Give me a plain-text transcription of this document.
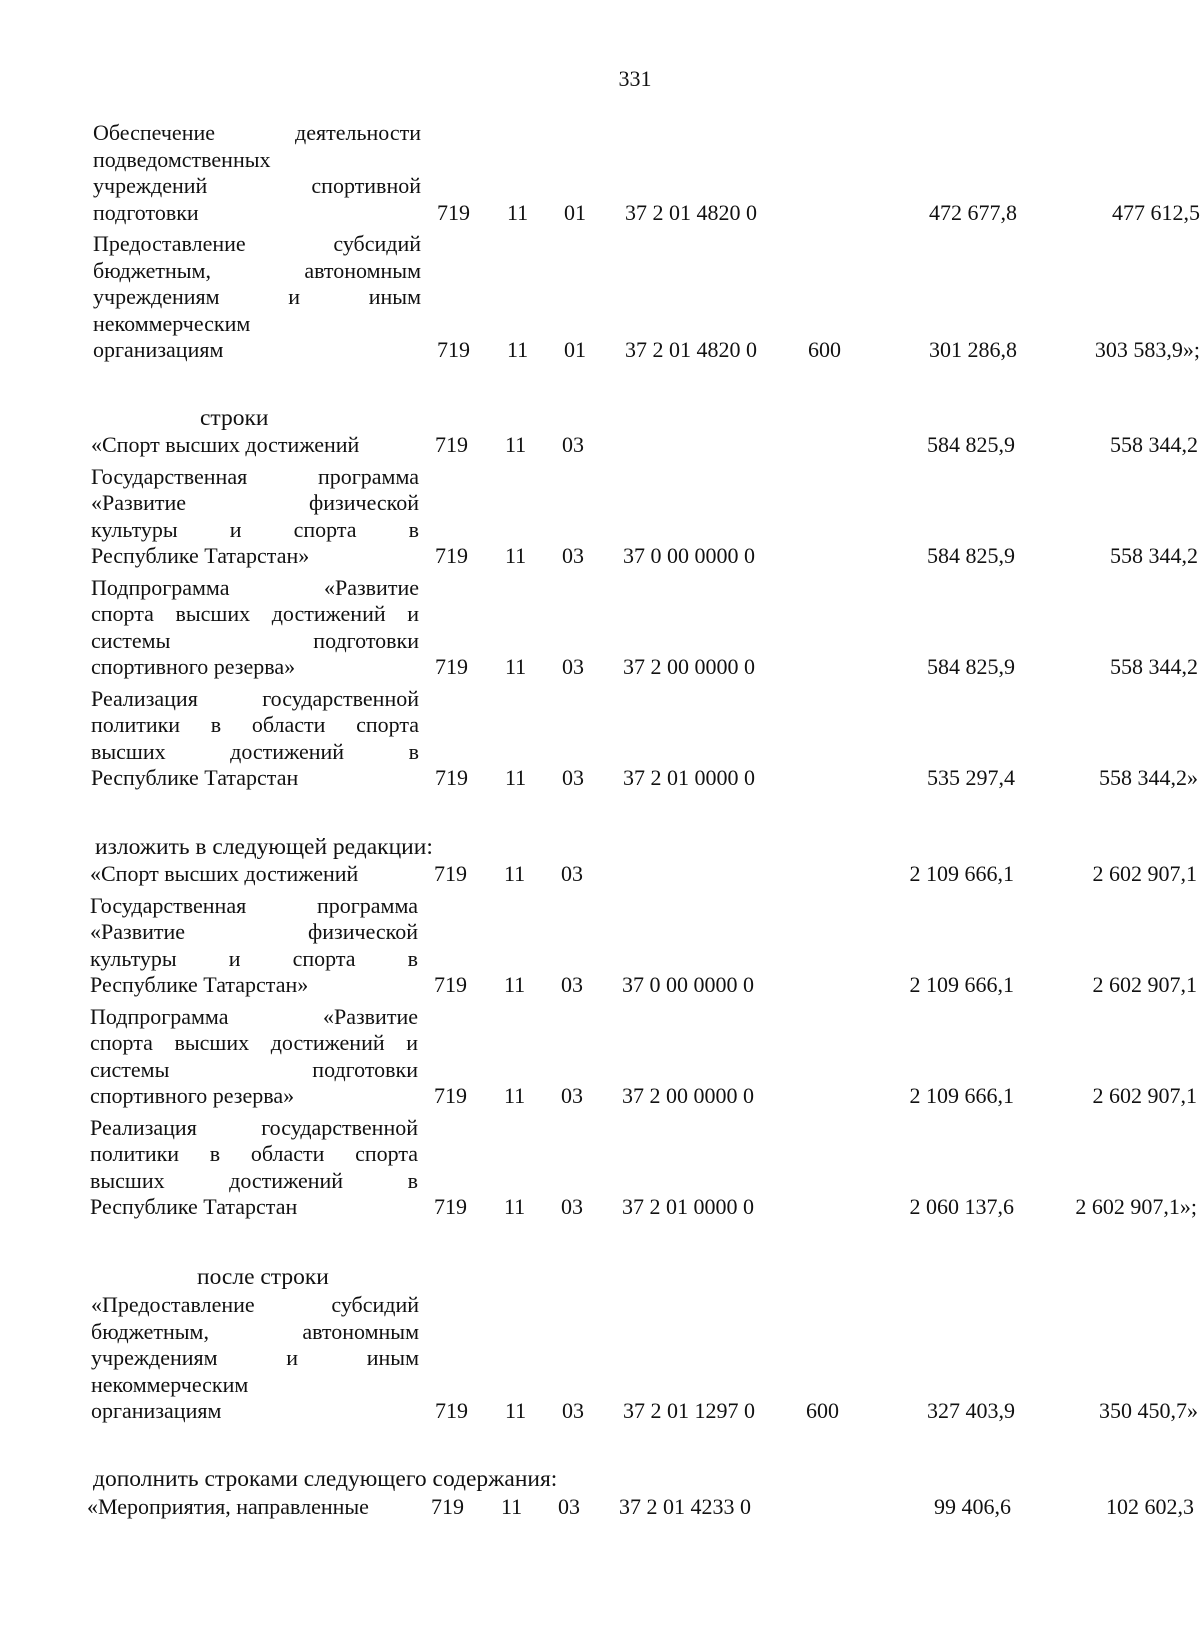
331
Обеспечение деятельности
подведомственных
учреждений спортивной
подготовки	719 11 01 37 2 01 4820 0	472 677,8	477 612,5
Предоставление субсидий
бюджетным, автономным
учреждениям и иным
некоммерческим
организациям	719 11 01 37 2 01 4820 0 600	301 286,8	303 583,9»;
строки
«Спорт высших достижений	719 11 03	584 825,9	558 344,2
Государственная программа
«Развитие физической
культуры и спорта в
Республике Татарстан»	719 11 03 37 0 00 0000 0	584 825,9	558 344,2
Подпрограмма «Развитие
спорта высших достижений и
системы подготовки
спортивного резерва»	719 11 03 37 2 00 0000 0	584 825,9	558 344,2
Реализация государственной
политики в области спорта
высших достижений в
Республике Татарстан	719 11 03 37 2 01 0000 0	535 297,4	558 344,2»
изложить в следующей редакции:
«Спорт высших достижений	719 11 03	2 109 666,1	2 602 907,1
Государственная программа
«Развитие физической
культуры и спорта в
Республике Татарстан»	719 11 03 37 0 00 0000 0	2 109 666,1	2 602 907,1
Подпрограмма «Развитие
спорта высших достижений и
системы подготовки
спортивного резерва»	719 11 03 37 2 00 0000 0	2 109 666,1	2 602 907,1
Реализация государственной
политики в области спорта
высших достижений в
Республике Татарстан	719 11 03 37 2 01 0000 0	2 060 137,6	2 602 907,1»;
после строки
«Предоставление субсидий
бюджетным, автономным
учреждениям и иным
некоммерческим
организациям	719 11 03 37 2 01 1297 0 600	327 403,9	350 450,7»
дополнить строками следующего содержания:
«Мероприятия, направленные	719 11 03 37 2 01 4233 0	99 406,6	102 602,3
